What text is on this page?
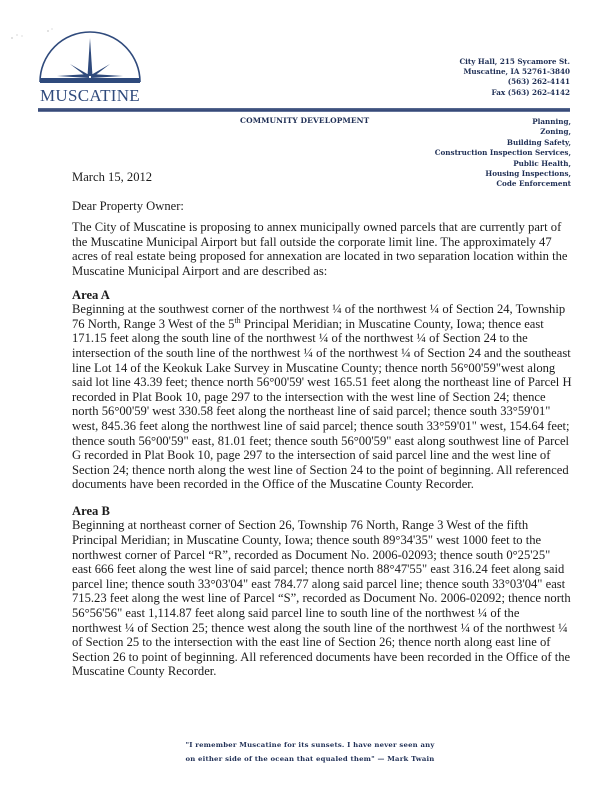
MUSCATINE
City Hall, 215 Sycamore St.
Muscatine, IA 52761-3840
(563) 262-4141
Fax (563) 262-4142
COMMUNITY DEVELOPMENT	Planning,
Zoning,
Building Safety,
Construction Inspection Services,
Public Health,
Housing Inspections,
Code Enforcement

March 15, 2012

Dear Property Owner:

The City of Muscatine is proposing to annex municipally owned parcels that are currently part of the Muscatine Municipal Airport but fall outside the corporate limit line. The approximately 47 acres of real estate being proposed for annexation are located in two separation location within the Muscatine Municipal Airport and are described as:

Area A

Beginning at the southwest corner of the northwest ¼ of the northwest ¼ of Section 24, Township 76 North, Range 3 West of the 5th Principal Meridian; in Muscatine County, Iowa; thence east 171.15 feet along the south line of the northwest ¼ of the northwest ¼ of Section 24 to the intersection of the south line of the northwest ¼ of the northwest ¼ of Section 24 and the southeast line Lot 14 of the Keokuk Lake Survey in Muscatine County; thence north 56°00'59"west along said lot line 43.39 feet; thence north 56°00'59' west 165.51 feet along the northeast line of Parcel H recorded in Plat Book 10, page 297 to the intersection with the west line of Section 24; thence north 56°00'59' west 330.58 feet along the northeast line of said parcel; thence south 33°59'01" west, 845.36 feet along the northwest line of said parcel; thence south 33°59'01" west, 154.64 feet; thence south 56°00'59" east, 81.01 feet; thence south 56°00'59" east along southwest line of Parcel G recorded in Plat Book 10, page 297 to the intersection of said parcel line and the west line of Section 24; thence north along the west line of Section 24 to the point of beginning. All referenced documents have been recorded in the Office of the Muscatine County Recorder.

Area B

Beginning at northeast corner of Section 26, Township 76 North, Range 3 West of the fifth Principal Meridian; in Muscatine County, Iowa; thence south 89°34'35" west 1000 feet to the northwest corner of Parcel “R”, recorded as Document No. 2006-02093; thence south 0°25'25" east 666 feet along the west line of said parcel; thence north 88°47'55" east 316.24 feet along said parcel line; thence south 33°03'04" east 784.77 along said parcel line; thence south 33°03'04" east 715.23 feet along the west line of Parcel “S”, recorded as Document No. 2006-02092; thence north 56°56'56" east 1,114.87 feet along said parcel line to south line of the northwest ¼ of the northwest ¼ of Section 25; thence west along the south line of the northwest ¼ of the northwest ¼ of Section 25 to the intersection with the east line of Section 26; thence north along east line of Section 26 to point of beginning. All referenced documents have been recorded in the Office of the Muscatine County Recorder.

"I remember Muscatine for its sunsets. I have never seen any
on either side of the ocean that equaled them" — Mark Twain
